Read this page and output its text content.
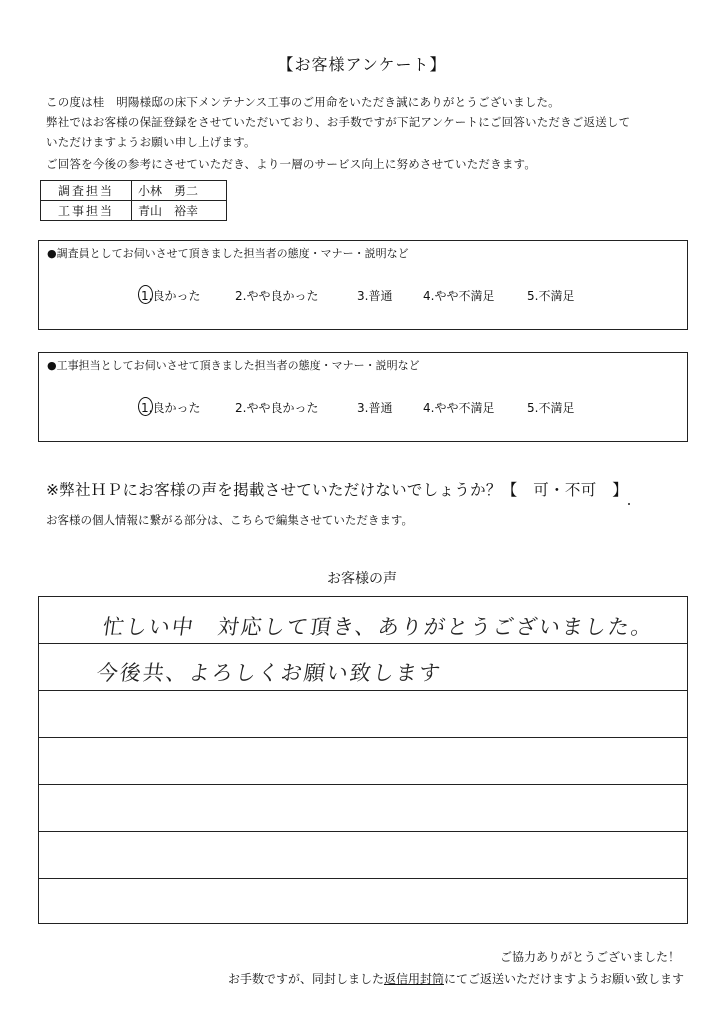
【お客様アンケート】
この度は桂　明陽様邸の床下メンテナンス工事のご用命をいただき誠にありがとうございました。
弊社ではお客様の保証登録をさせていただいており、お手数ですが下記アンケートにご回答いただきご返送して
いただけますようお願い申し上げます。
ご回答を今後の参考にさせていただき、より一層のサービス向上に努めさせていただきます。
調査担当	小林　勇二
工事担当	青山　裕幸
●調査員としてお伺いさせて頂きました担当者の態度・マナー・説明など
1.良かった	2.やや良かった	3.普通	4.やや不満足	5.不満足
●工事担当としてお伺いさせて頂きました担当者の態度・マナー・説明など
1.良かった	2.やや良かった	3.普通	4.やや不満足	5.不満足
※弊社ＨＰにお客様の声を掲載させていただけないでしょうか？【　可・不可　】
お客様の個人情報に繋がる部分は、こちらで編集させていただきます。
お客様の声
忙しい中　対応して頂き、ありがとうございました。
今後共、よろしくお願い致します
ご協力ありがとうございました！
お手数ですが、同封しました返信用封筒にてご返送いただけますようお願い致します
